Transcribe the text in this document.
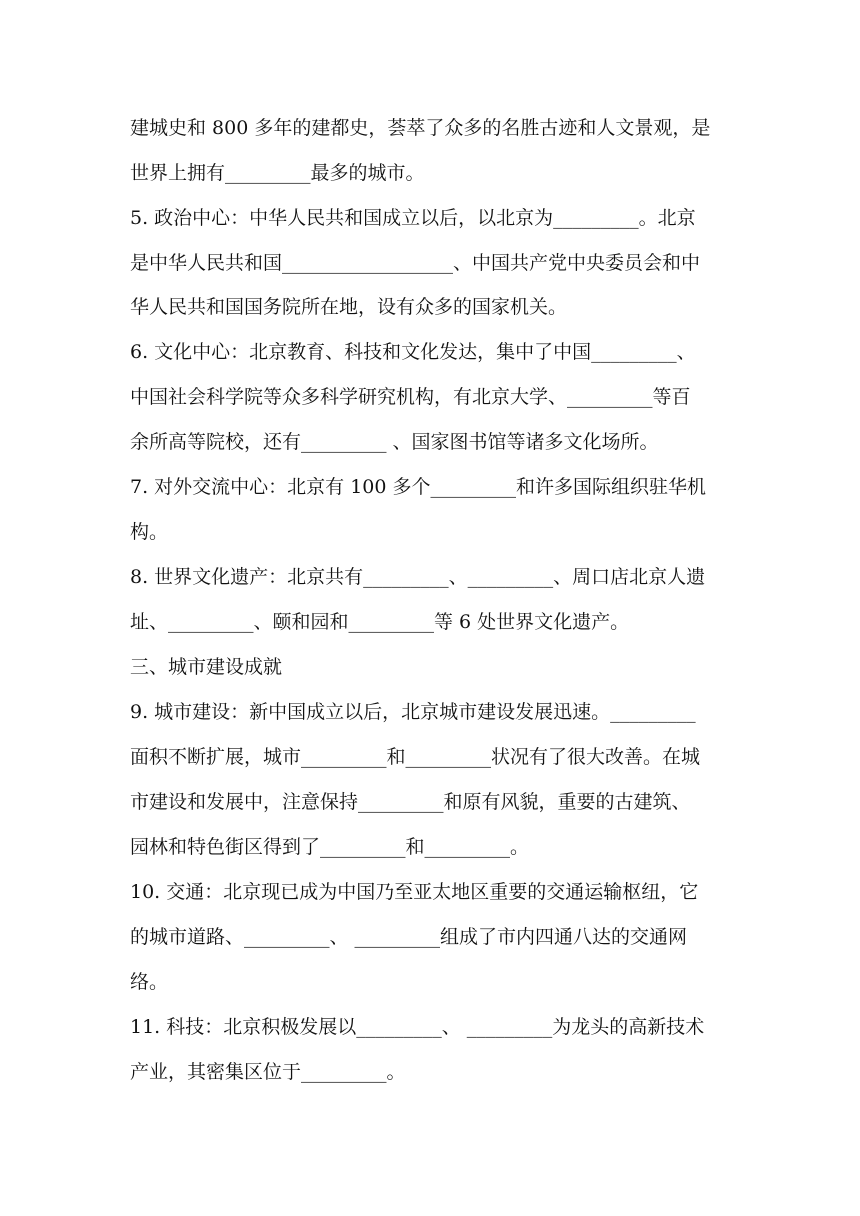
建城史和 800 多年的建都史，荟萃了众多的名胜古迹和人文景观，是
世界上拥有_________最多的城市。
5. 政治中心：中华人民共和国成立以后，以北京为_________。北京
是中华人民共和国__________________、中国共产党中央委员会和中
华人民共和国国务院所在地，设有众多的国家机关。
6. 文化中心：北京教育、科技和文化发达，集中了中国_________、
中国社会科学院等众多科学研究机构，有北京大学、_________等百
余所高等院校，还有_________ 、国家图书馆等诸多文化场所。
7. 对外交流中心：北京有 100 多个_________和许多国际组织驻华机
构。
8. 世界文化遗产：北京共有_________、_________、周口店北京人遗
址、_________、颐和园和_________等 6 处世界文化遗产。
三、城市建设成就
9. 城市建设：新中国成立以后，北京城市建设发展迅速。_________
面积不断扩展，城市_________和_________状况有了很大改善。在城
市建设和发展中，注意保持_________和原有风貌，重要的古建筑、
园林和特色街区得到了_________和_________。
10. 交通：北京现已成为中国乃至亚太地区重要的交通运输枢纽，它
的城市道路、_________、 _________组成了市内四通八达的交通网
络。
11. 科技：北京积极发展以_________、 _________为龙头的高新技术
产业，其密集区位于_________。
